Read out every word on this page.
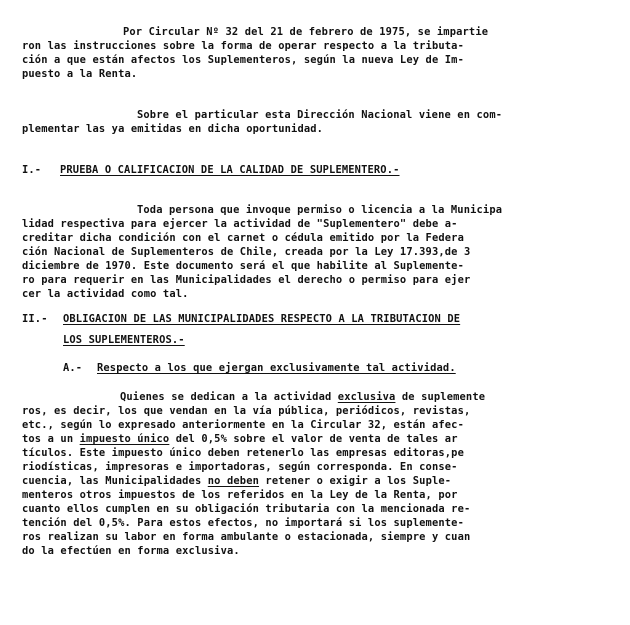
Por Circular Nº 32 del 21 de febrero de 1975, se impartie
ron las instrucciones sobre la forma de operar respecto a la tributa-
ción a que están afectos los Suplementeros, según la nueva Ley de Im-
puesto a la Renta.
Sobre el particular esta Dirección Nacional viene en com-
plementar las ya emitidas en dicha oportunidad.
I.- PRUEBA O CALIFICACION DE LA CALIDAD DE SUPLEMENTERO.-
Toda persona que invoque permiso o licencia a la Municipa
lidad respectiva para ejercer la actividad de "Suplementero" debe a-
creditar dicha condición con el carnet o cédula emitido por la Federa
ción Nacional de Suplementeros de Chile, creada por la Ley 17.393,de 3
diciembre de 1970. Este documento será el que habilite al Suplemente-
ro para requerir en las Municipalidades el derecho o permiso para ejer
cer la actividad como tal.
II.- OBLIGACION DE LAS MUNICIPALIDADES RESPECTO A LA TRIBUTACION DE
LOS SUPLEMENTEROS.-
A.- Respecto a los que ejergan exclusivamente tal actividad.
Quienes se dedican a la actividad exclusiva de suplemente
ros, es decir, los que vendan en la vía pública, periódicos, revistas,
etc., según lo expresado anteriormente en la Circular 32, están afec-
tos a un impuesto único del 0,5% sobre el valor de venta de tales ar
tículos. Este impuesto único deben retenerlo las empresas editoras,pe
riodísticas, impresoras e importadoras, según corresponda. En conse-
cuencia, las Municipalidades no deben retener o exigir a los Suple-
menteros otros impuestos de los referidos en la Ley de la Renta, por
cuanto ellos cumplen en su obligación tributaria con la mencionada re-
tención del 0,5%. Para estos efectos, no importará si los suplemente-
ros realizan su labor en forma ambulante o estacionada, siempre y cuan
do la efectúen en forma exclusiva.
